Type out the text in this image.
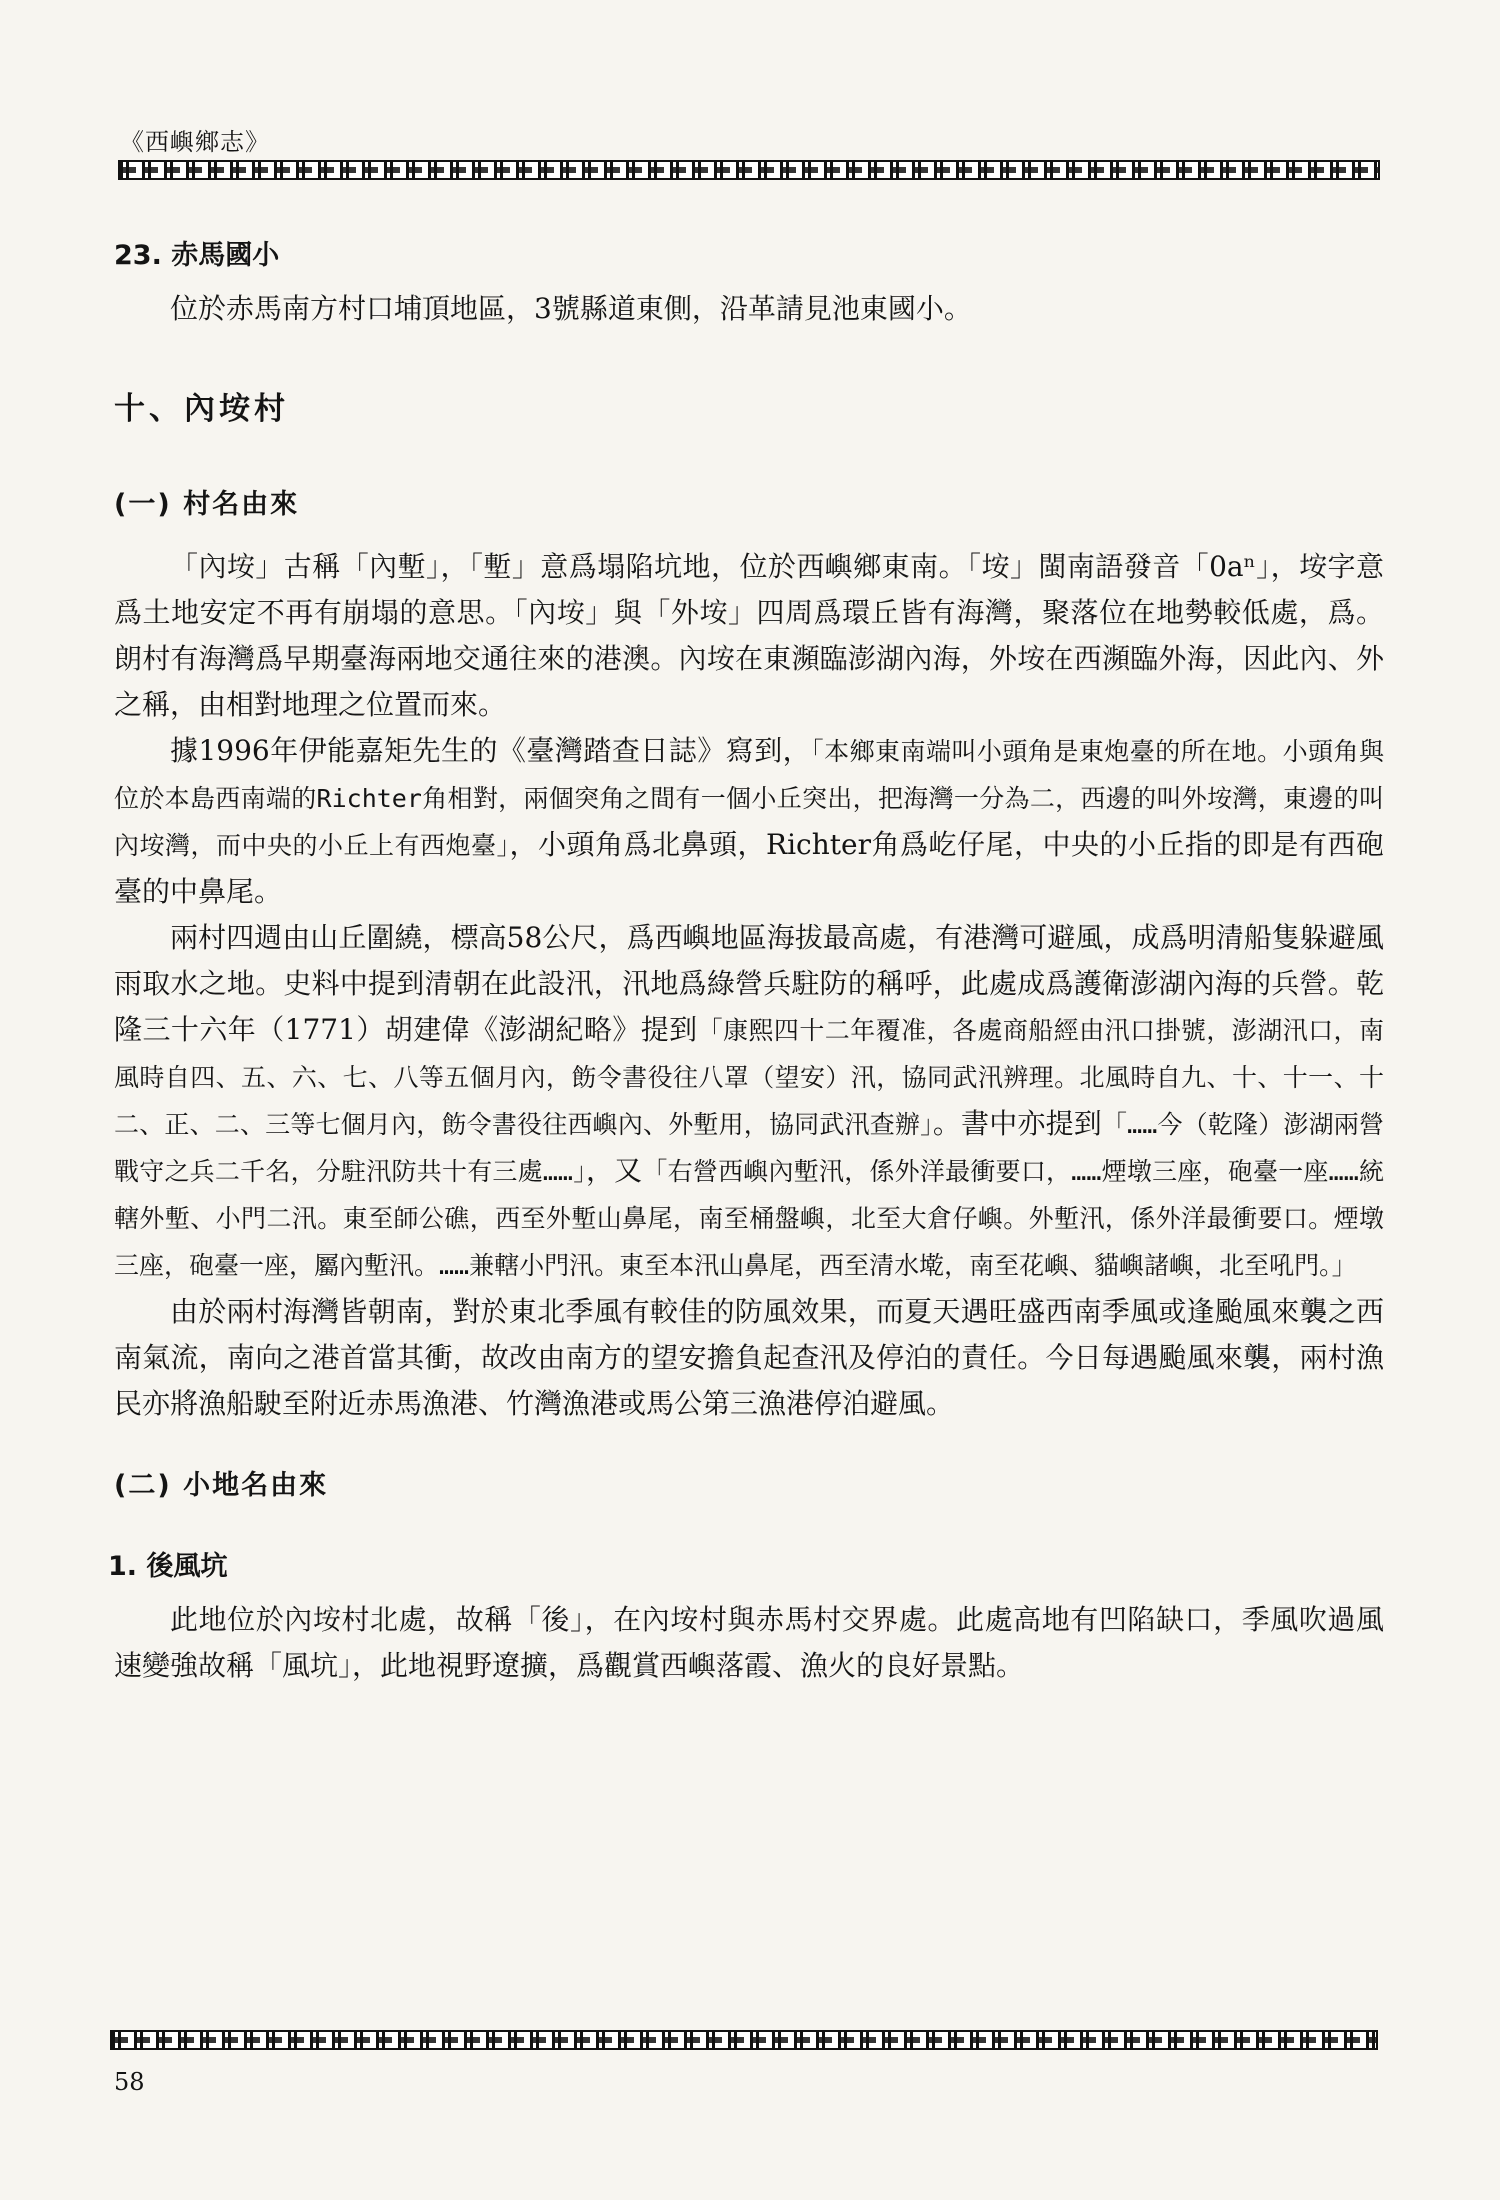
《西嶼鄉志》
23. 赤馬國小

位於赤馬南方村口埔頂地區，3號縣道東側，沿革請見池東國小。

十、內垵村
(一) 村名由來

「內垵」古稱「內塹」，「塹」意爲塌陷坑地，位於西嶼鄉東南。「垵」閩南語發音「0aⁿ」，垵字意爲土地安定不再有崩塌的意思。「內垵」與「外垵」四周爲環丘皆有海灣，聚落位在地勢較低處，爲。朗村有海灣爲早期臺海兩地交通往來的港澳。內垵在東瀕臨澎湖內海，外垵在西瀕臨外海，因此內、外之稱，由相對地理之位置而來。

據1996年伊能嘉矩先生的《臺灣踏查日誌》寫到，「本鄉東南端叫小頭角是東炮臺的所在地。小頭角與位於本島西南端的Richter角相對，兩個突角之間有一個小丘突出，把海灣一分為二，西邊的叫外垵灣，東邊的叫內垵灣，而中央的小丘上有西炮臺」，小頭角爲北鼻頭，Richter角爲屹仔尾，中央的小丘指的即是有西砲臺的中鼻尾。

兩村四週由山丘圍繞，標高58公尺，爲西嶼地區海拔最高處，有港灣可避風，成爲明清船隻躲避風雨取水之地。史料中提到清朝在此設汛，汛地爲綠營兵駐防的稱呼，此處成爲護衛澎湖內海的兵營。乾隆三十六年（1771）胡建偉《澎湖紀略》提到「康熙四十二年覆准，各處商船經由汛口掛號，澎湖汛口，南風時自四、五、六、七、八等五個月內，飭令書役往八罩（望安）汛，協同武汛辨理。北風時自九、十、十一、十二、正、二、三等七個月內，飭令書役往西嶼內、外塹用，協同武汛查辦」。書中亦提到「……今（乾隆）澎湖兩營戰守之兵二千名，分駐汛防共十有三處……」，又「右營西嶼內塹汛，係外洋最衝要口，……煙墩三座，砲臺一座……統轄外塹、小門二汛。東至師公礁，西至外塹山鼻尾，南至桶盤嶼，北至大倉仔嶼。外塹汛，係外洋最衝要口。煙墩三座，砲臺一座，屬內塹汛。……兼轄小門汛。東至本汛山鼻尾，西至清水墘，南至花嶼、貓嶼諸嶼，北至吼門。」

由於兩村海灣皆朝南，對於東北季風有較佳的防風效果，而夏天遇旺盛西南季風或逢颱風來襲之西南氣流，南向之港首當其衝，故改由南方的望安擔負起查汛及停泊的責任。今日每遇颱風來襲，兩村漁民亦將漁船駛至附近赤馬漁港、竹灣漁港或馬公第三漁港停泊避風。

(二) 小地名由來
1. 後風坑

此地位於內垵村北處，故稱「後」，在內垵村與赤馬村交界處。此處高地有凹陷缺口，季風吹過風速變強故稱「風坑」，此地視野遼擴，爲觀賞西嶼落霞、漁火的良好景點。

58
